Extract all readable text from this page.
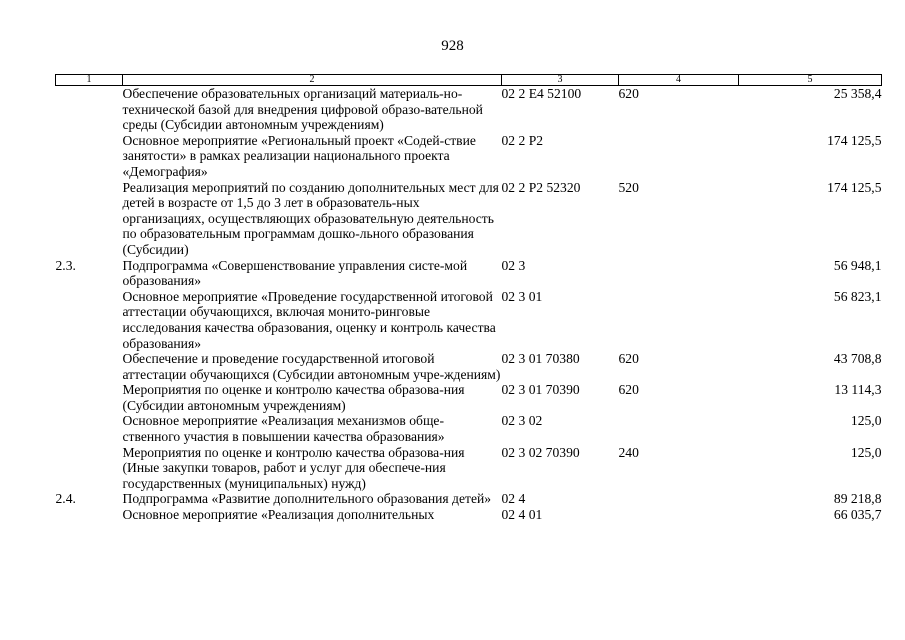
928
1	2	3	4	5
	Обеспечение образовательных организаций материаль-но-технической базой для внедрения цифровой образо-вательной среды (Субсидии автономным учреждениям)	02 2 E4 52100	620	25 358,4
	Основное мероприятие «Региональный проект «Содей-ствие занятости» в рамках реализации национального проекта «Демография»	02 2 P2		174 125,5
	Реализация мероприятий по созданию дополнительных мест для детей в возрасте от 1,5 до 3 лет в образователь-ных организациях, осуществляющих образовательную деятельность по образовательным программам дошко-льного образования (Субсидии)	02 2 P2 52320	520	174 125,5
2.3.	Подпрограмма «Совершенствование управления систе-мой образования»	02 3		56 948,1
	Основное мероприятие «Проведение государственной итоговой аттестации обучающихся, включая монито-ринговые исследования качества образования, оценку и контроль качества образования»	02 3 01		56 823,1
	Обеспечение и проведение государственной итоговой аттестации обучающихся (Субсидии автономным учре-ждениям)	02 3 01 70380	620	43 708,8
	Мероприятия по оценке и контролю качества образова-ния (Субсидии автономным учреждениям)	02 3 01 70390	620	13 114,3
	Основное мероприятие «Реализация механизмов обще-ственного участия в повышении качества образования»	02 3 02		125,0
	Мероприятия по оценке и контролю качества образова-ния (Иные закупки товаров, работ и услуг для обеспече-ния государственных (муниципальных) нужд)	02 3 02 70390	240	125,0
2.4.	Подпрограмма «Развитие дополнительного образования детей»	02 4		89 218,8
	Основное мероприятие «Реализация дополнительных	02 4 01		66 035,7
